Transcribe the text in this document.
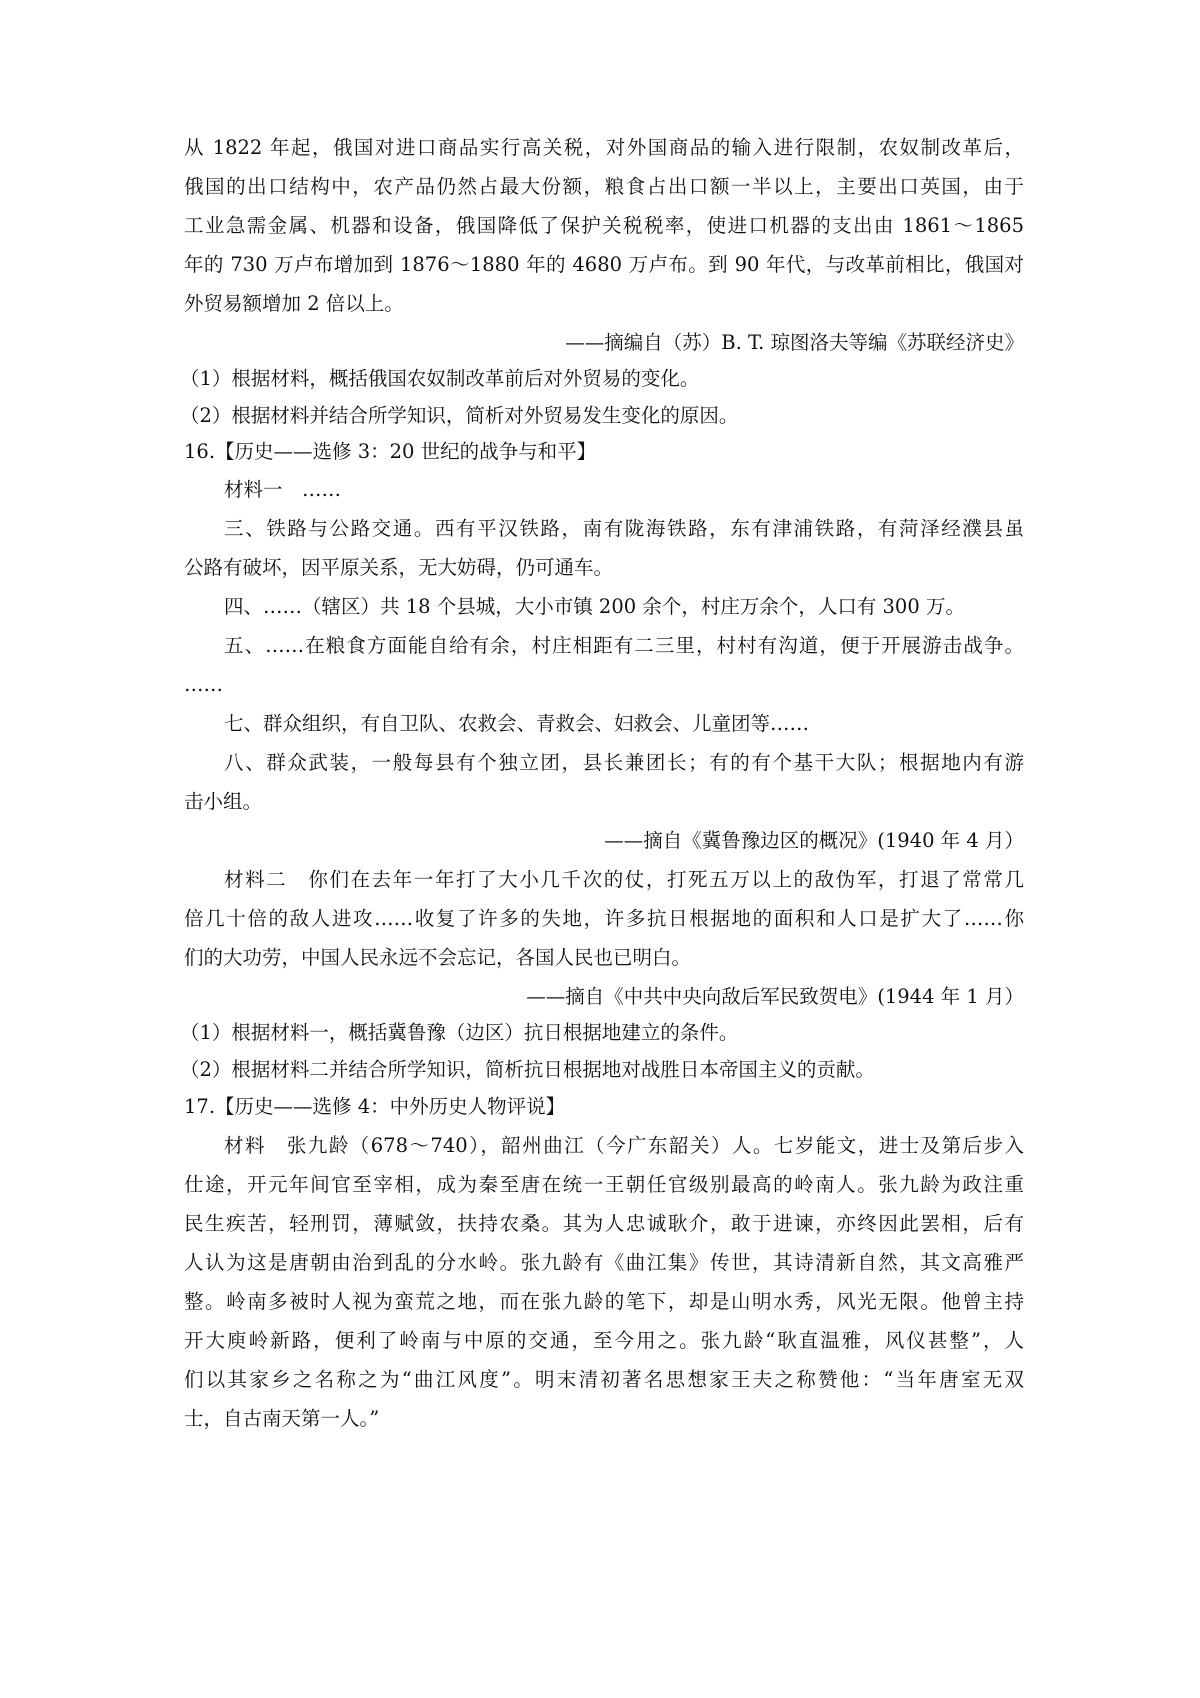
从 1822 年起，俄国对进口商品实行高关税，对外国商品的输入进行限制，农奴制改革后，
俄国的出口结构中，农产品仍然占最大份额，粮食占出口额一半以上，主要出口英国，由于
工业急需金属、机器和设备，俄国降低了保护关税税率，使进口机器的支出由 1861～1865
年的 730 万卢布增加到 1876～1880 年的 4680 万卢布。到 90 年代，与改革前相比，俄国对
外贸易额增加 2 倍以上。
——摘编自（苏）B. T. 琼图洛夫等编《苏联经济史》
（1）根据材料，概括俄国农奴制改革前后对外贸易的变化。
（2）根据材料并结合所学知识，简析对外贸易发生变化的原因。
16.【历史——选修 3：20 世纪的战争与和平】
材料一　……
三、铁路与公路交通。西有平汉铁路，南有陇海铁路，东有津浦铁路，有菏泽经濮县虽
公路有破坏，因平原关系，无大妨碍，仍可通车。
四、……（辖区）共 18 个县城，大小市镇 200 余个，村庄万余个，人口有 300 万。
五、……在粮食方面能自给有余，村庄相距有二三里，村村有沟道，便于开展游击战争。
……
七、群众组织，有自卫队、农救会、青救会、妇救会、儿童团等……
八、群众武装，一般每县有个独立团，县长兼团长；有的有个基干大队；根据地内有游
击小组。
——摘自《冀鲁豫边区的概况》(1940 年 4 月）
材料二　你们在去年一年打了大小几千次的仗，打死五万以上的敌伪军，打退了常常几
倍几十倍的敌人进攻……收复了许多的失地，许多抗日根据地的面积和人口是扩大了……你
们的大功劳，中国人民永远不会忘记，各国人民也已明白。
——摘自《中共中央向敌后军民致贺电》(1944 年 1 月）
（1）根据材料一，概括冀鲁豫（边区）抗日根据地建立的条件。
（2）根据材料二并结合所学知识，简析抗日根据地对战胜日本帝国主义的贡献。
17.【历史——选修 4：中外历史人物评说】
材料　张九龄（678～740），韶州曲江（今广东韶关）人。七岁能文，进士及第后步入
仕途，开元年间官至宰相，成为秦至唐在统一王朝任官级别最高的岭南人。张九龄为政注重
民生疾苦，轻刑罚，薄赋敛，扶持农桑。其为人忠诚耿介，敢于进谏，亦终因此罢相，后有
人认为这是唐朝由治到乱的分水岭。张九龄有《曲江集》传世，其诗清新自然，其文高雅严
整。岭南多被时人视为蛮荒之地，而在张九龄的笔下，却是山明水秀，风光无限。他曾主持
开大庾岭新路，便利了岭南与中原的交通，至今用之。张九龄“耿直温雅，风仪甚整”，人
们以其家乡之名称之为“曲江风度”。明末清初著名思想家王夫之称赞他：“当年唐室无双
士，自古南天第一人。”
